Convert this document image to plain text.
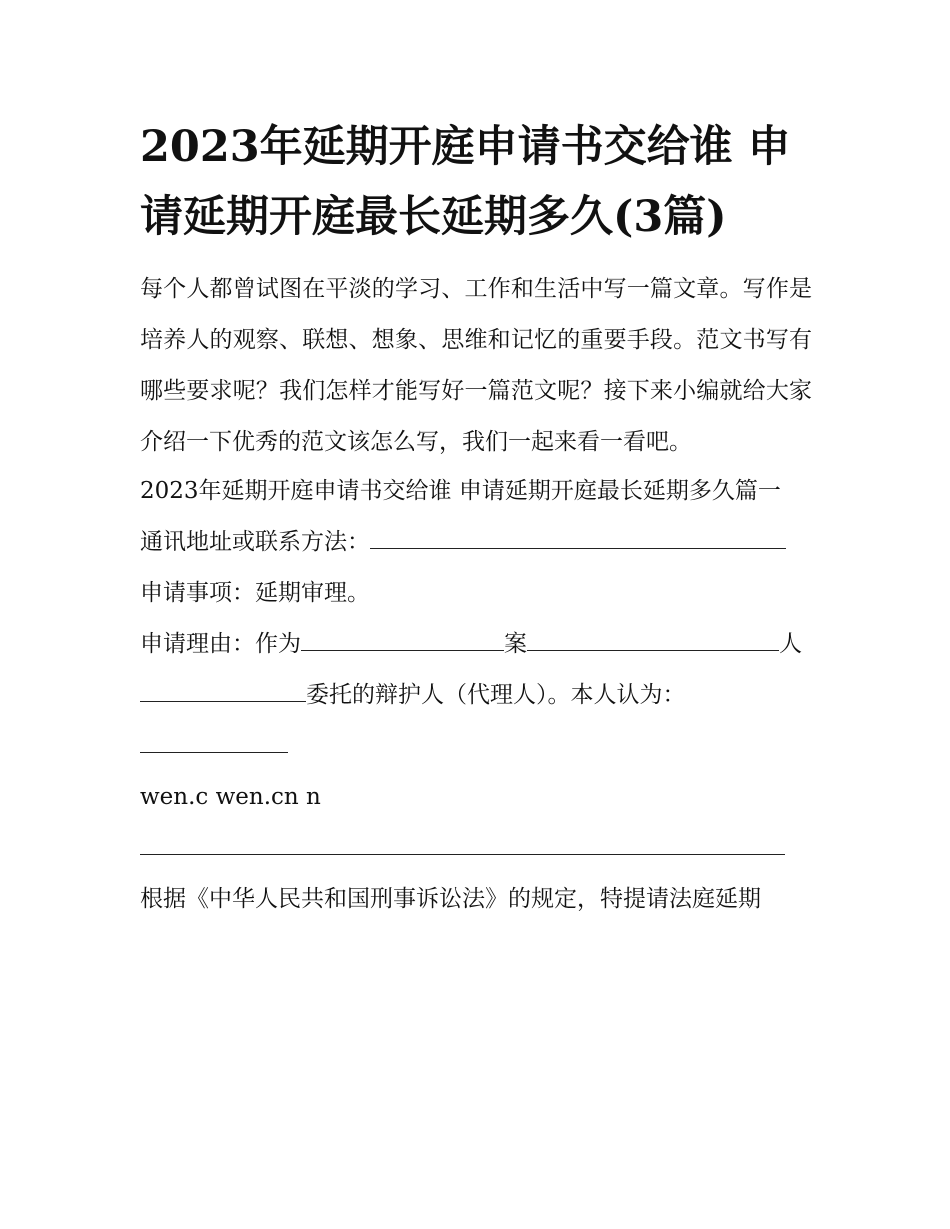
2023年延期开庭申请书交给谁 申请延期开庭最长延期多久(3篇)

每个人都曾试图在平淡的学习、工作和生活中写一篇文章。写作是培养人的观察、联想、想象、思维和记忆的重要手段。范文书写有哪些要求呢？我们怎样才能写好一篇范文呢？接下来小编就给大家介绍一下优秀的范文该怎么写，我们一起来看一看吧。

2023年延期开庭申请书交给谁 申请延期开庭最长延期多久篇一

通讯地址或联系方法：

申请事项：延期审理。

申请理由：作为	案	人

委托的辩护人（代理人）。本人认为：

wen.c wen.cn n

根据《中华人民共和国刑事诉讼法》的规定，特提请法庭延期
